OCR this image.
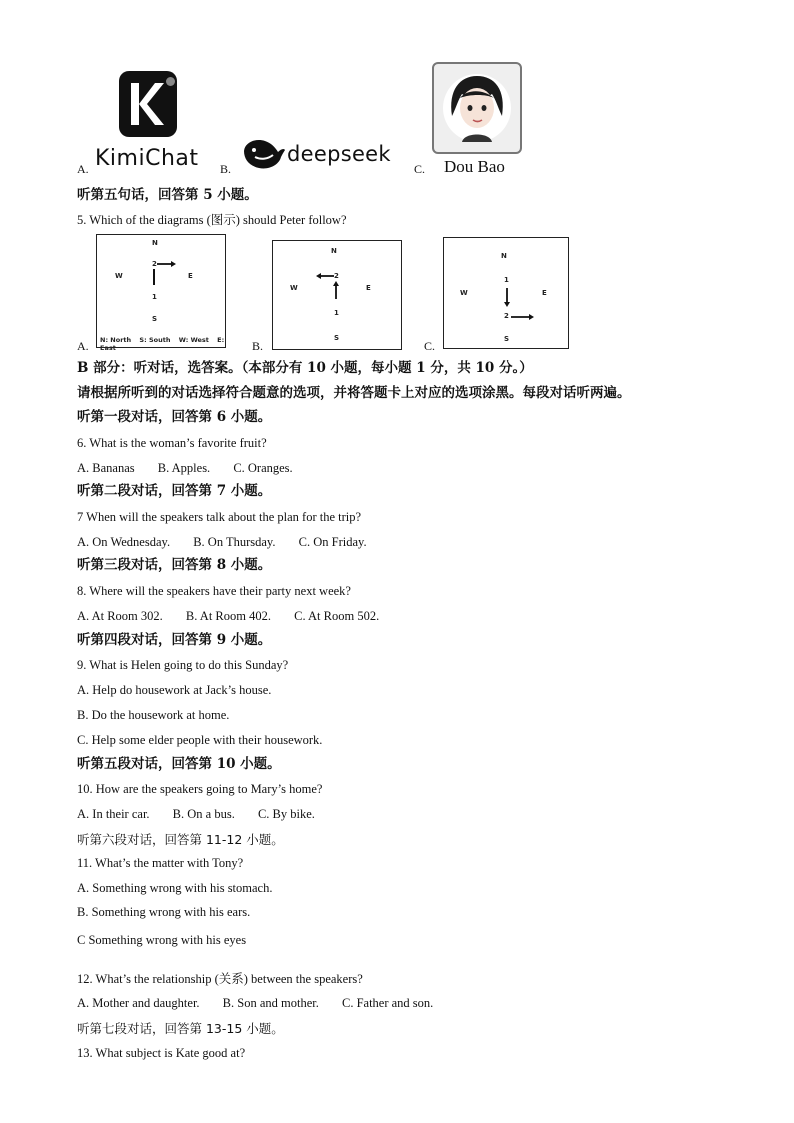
A. KimiChat B.
deepseek
C. Dou Bao
听第五句话，回答第 5 小题。
5. Which of the diagrams (图示) should Peter follow?
A.
N
W	E
S
1
2
N: North S: South W: West E: East	B.
N
W	E
S
1
2
C.
N
W	E
S
1
2
B 部分：听对话，选答案。（本部分有 10 小题，每小题 1 分，共 10 分。）
请根据所听到的对话选择符合题意的选项，并将答题卡上对应的选项涂黑。每段对话听两遍。
听第一段对话，回答第 6 小题。
6. What is the woman’s favorite fruit?
A. Bananas B. Apples. C. Oranges.
听第二段对话，回答第 7 小题。
7 When will the speakers talk about the plan for the trip?
A. On Wednesday. B. On Thursday. C. On Friday.
听第三段对话，回答第 8 小题。
8. Where will the speakers have their party next week?
A. At Room 302. B. At Room 402. C. At Room 502.
听第四段对话，回答第 9 小题。
9. What is Helen going to do this Sunday?
A. Help do housework at Jack’s house.
B. Do the housework at home.
C. Help some elder people with their housework.
听第五段对话，回答第 10 小题。
10. How are the speakers going to Mary’s home?
A. In their car. B. On a bus. C. By bike.
听第六段对话，回答第 11-12 小题。
11. What’s the matter with Tony?
A. Something wrong with his stomach.
B. Something wrong with his ears.
C Something wrong with his eyes
12. What’s the relationship (关系) between the speakers?
A. Mother and daughter. B. Son and mother. C. Father and son.
听第七段对话，回答第 13-15 小题。
13. What subject is Kate good at?
